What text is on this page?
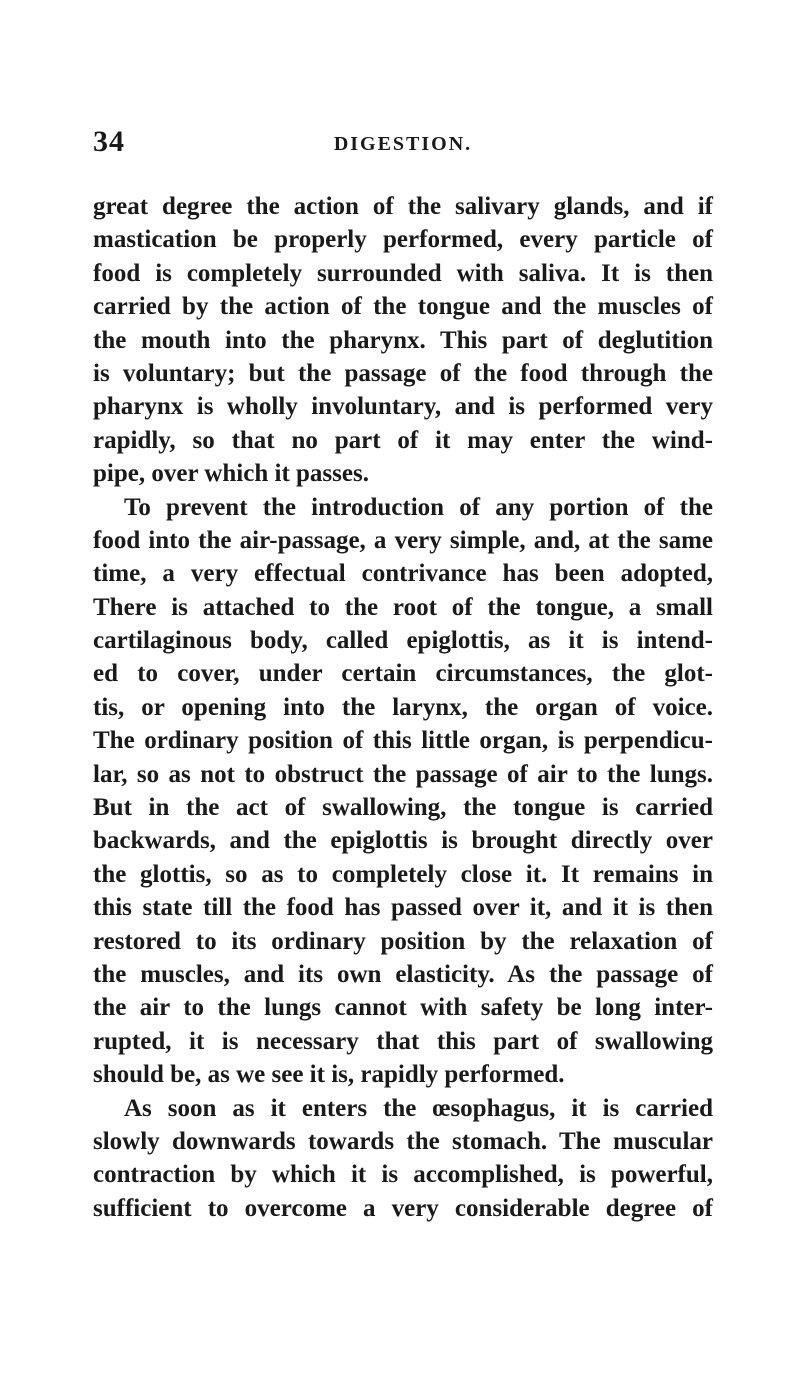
34	DIGESTION.
great degree the action of the salivary glands, and if
mastication be properly performed, every particle of
food is completely surrounded with saliva. It is then
carried by the action of the tongue and the muscles of
the mouth into the pharynx. This part of deglutition
is voluntary; but the passage of the food through the
pharynx is wholly involuntary, and is performed very
rapidly, so that no part of it may enter the wind-
pipe, over which it passes.
To prevent the introduction of any portion of the
food into the air-passage, a very simple, and, at the same
time, a very effectual contrivance has been adopted,
There is attached to the root of the tongue, a small
cartilaginous body, called epiglottis, as it is intend-
ed to cover, under certain circumstances, the glot-
tis, or opening into the larynx, the organ of voice.
The ordinary position of this little organ, is perpendicu-
lar, so as not to obstruct the passage of air to the lungs.
But in the act of swallowing, the tongue is carried
backwards, and the epiglottis is brought directly over
the glottis, so as to completely close it. It remains in
this state till the food has passed over it, and it is then
restored to its ordinary position by the relaxation of
the muscles, and its own elasticity. As the passage of
the air to the lungs cannot with safety be long inter-
rupted, it is necessary that this part of swallowing
should be, as we see it is, rapidly performed.
As soon as it enters the œsophagus, it is carried
slowly downwards towards the stomach. The muscular
contraction by which it is accomplished, is powerful,
sufficient to overcome a very considerable degree of
